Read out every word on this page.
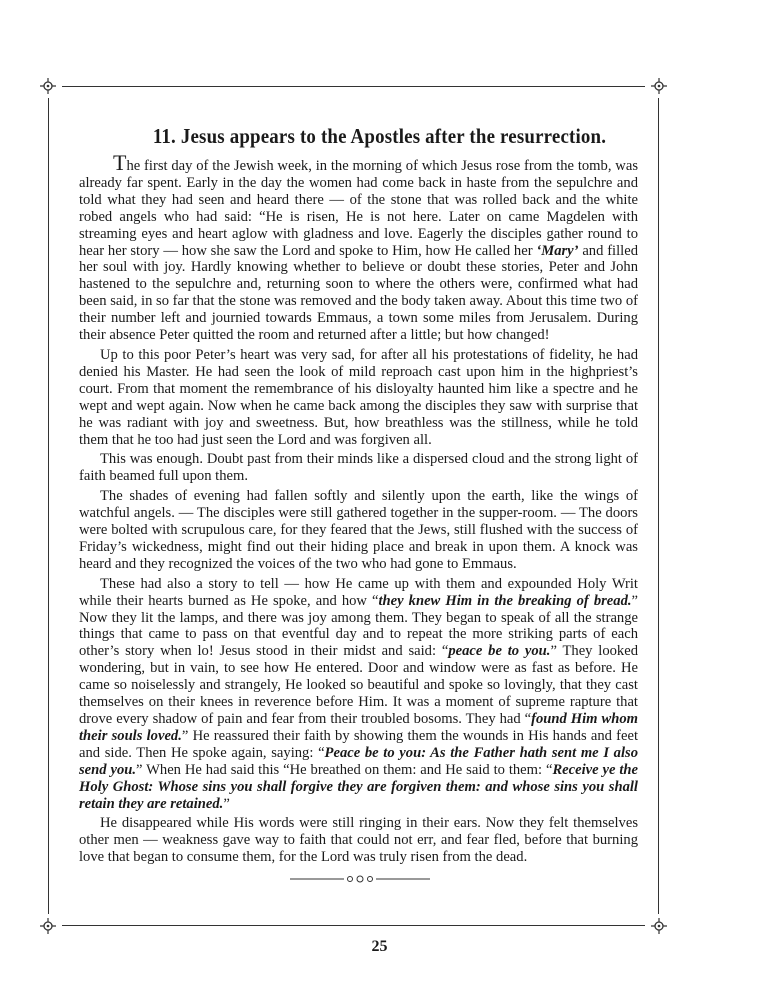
11. Jesus appears to the Apostles after the resurrection.

The first day of the Jewish week, in the morning of which Jesus rose from the tomb, was already far spent. Early in the day the women had come back in haste from the sepulchre and told what they had seen and heard there — of the stone that was rolled back and the white robed angels who had said: “He is risen, He is not here. Later on came Magdelen with streaming eyes and heart aglow with gladness and love. Eagerly the disciples gather round to hear her story — how she saw the Lord and spoke to Him, how He called her ‘Mary’ and filled her soul with joy. Hardly knowing whether to believe or doubt these stories, Peter and John hastened to the sepulchre and, returning soon to where the others were, confirmed what had been said, in so far that the stone was removed and the body taken away. About this time two of their number left and journied towards Emmaus, a town some miles from Jerusalem. During their absence Peter quitted the room and returned after a little; but how changed!

Up to this poor Peter’s heart was very sad, for after all his protestations of fidelity, he had denied his Master. He had seen the look of mild reproach cast upon him in the highpriest’s court. From that moment the remembrance of his disloyalty haunted him like a spectre and he wept and wept again. Now when he came back among the disciples they saw with surprise that he was radiant with joy and sweetness. But, how breathless was the stillness, while he told them that he too had just seen the Lord and was forgiven all.

This was enough. Doubt past from their minds like a dispersed cloud and the strong light of faith beamed full upon them.

The shades of evening had fallen softly and silently upon the earth, like the wings of watchful angels. — The disciples were still gathered together in the supper-room. — The doors were bolted with scrupulous care, for they feared that the Jews, still flushed with the success of Friday’s wickedness, might find out their hiding place and break in upon them. A knock was heard and they recognized the voices of the two who had gone to Emmaus.

These had also a story to tell — how He came up with them and expounded Holy Writ while their hearts burned as He spoke, and how “they knew Him in the breaking of bread.” Now they lit the lamps, and there was joy among them. They began to speak of all the strange things that came to pass on that eventful day and to repeat the more striking parts of each other’s story when lo! Jesus stood in their midst and said: “peace be to you.” They looked wondering, but in vain, to see how He entered. Door and window were as fast as before. He came so noiselessly and strangely, He looked so beautiful and spoke so lovingly, that they cast themselves on their knees in reverence before Him. It was a moment of supreme rapture that drove every shadow of pain and fear from their troubled bosoms. They had “found Him whom their souls loved.” He reassured their faith by showing them the wounds in His hands and feet and side. Then He spoke again, saying: “Peace be to you: As the Father hath sent me I also send you.” When He had said this “He breathed on them: and He said to them: “Receive ye the Holy Ghost: Whose sins you shall forgive they are forgiven them: and whose sins you shall retain they are retained.”

He disappeared while His words were still ringing in their ears. Now they felt themselves other men — weakness gave way to faith that could not err, and fear fled, before that burning love that began to consume them, for the Lord was truly risen from the dead.

25
